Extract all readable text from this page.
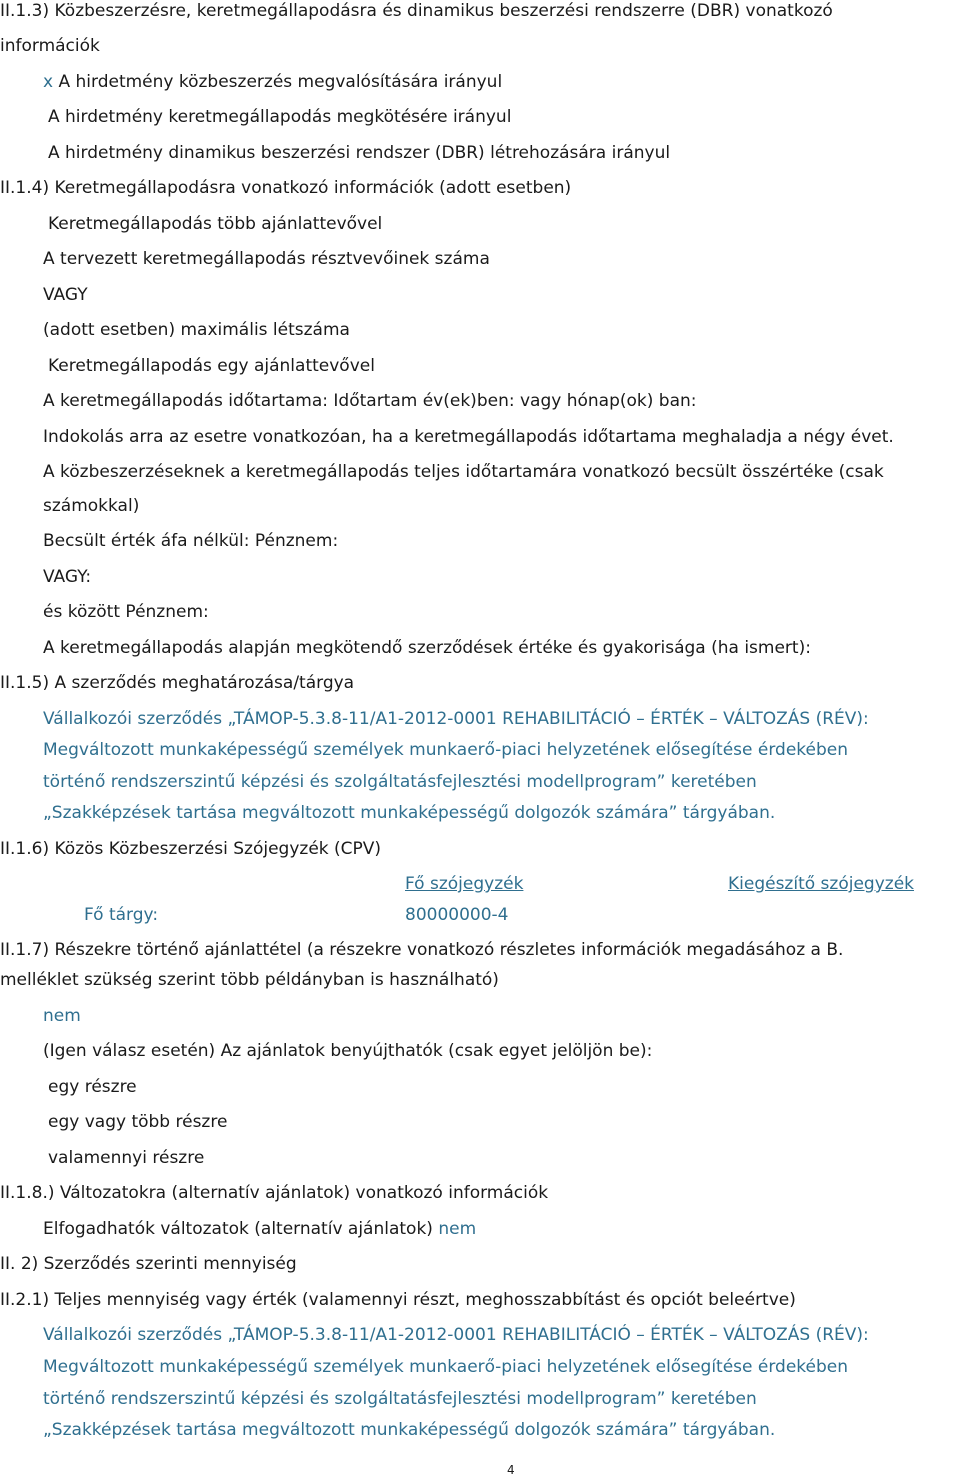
II.1.3) Közbeszerzésre, keretmegállapodásra és dinamikus beszerzési rendszerre (DBR) vonatkozó
információk
x A hirdetmény közbeszerzés megvalósítására irányul
A hirdetmény keretmegállapodás megkötésére irányul
A hirdetmény dinamikus beszerzési rendszer (DBR) létrehozására irányul
II.1.4) Keretmegállapodásra vonatkozó információk (adott esetben)
Keretmegállapodás több ajánlattevővel
A tervezett keretmegállapodás résztvevőinek száma
VAGY
(adott esetben) maximális létszáma
Keretmegállapodás egy ajánlattevővel
A keretmegállapodás időtartama: Időtartam év(ek)ben: vagy hónap(ok) ban:
Indokolás arra az esetre vonatkozóan, ha a keretmegállapodás időtartama meghaladja a négy évet.
A közbeszerzéseknek a keretmegállapodás teljes időtartamára vonatkozó becsült összértéke (csak
számokkal)
Becsült érték áfa nélkül: Pénznem:
VAGY:
és között Pénznem:
A keretmegállapodás alapján megkötendő szerződések értéke és gyakorisága (ha ismert):
II.1.5) A szerződés meghatározása/tárgya
Vállalkozói szerződés „TÁMOP-5.3.8-11/A1-2012-0001 REHABILITÁCIÓ – ÉRTÉK – VÁLTOZÁS (RÉV):
Megváltozott munkaképességű személyek munkaerő-piaci helyzetének elősegítése érdekében
történő rendszerszintű képzési és szolgáltatásfejlesztési modellprogram” keretében
„Szakképzések tartása megváltozott munkaképességű dolgozók számára” tárgyában.
II.1.6) Közös Közbeszerzési Szójegyzék (CPV)
Fő szójegyzék	Kiegészítő szójegyzék
Fő tárgy:	80000000-4
II.1.7) Részekre történő ajánlattétel (a részekre vonatkozó részletes információk megadásához a B.
melléklet szükség szerint több példányban is használható)
nem
(Igen válasz esetén) Az ajánlatok benyújthatók (csak egyet jelöljön be):
egy részre
egy vagy több részre
valamennyi részre
II.1.8.) Változatokra (alternatív ajánlatok) vonatkozó információk
Elfogadhatók változatok (alternatív ajánlatok) nem
II. 2) Szerződés szerinti mennyiség
II.2.1) Teljes mennyiség vagy érték (valamennyi részt, meghosszabbítást és opciót beleértve)
Vállalkozói szerződés „TÁMOP-5.3.8-11/A1-2012-0001 REHABILITÁCIÓ – ÉRTÉK – VÁLTOZÁS (RÉV):
Megváltozott munkaképességű személyek munkaerő-piaci helyzetének elősegítése érdekében
történő rendszerszintű képzési és szolgáltatásfejlesztési modellprogram” keretében
„Szakképzések tartása megváltozott munkaképességű dolgozók számára” tárgyában.
4
